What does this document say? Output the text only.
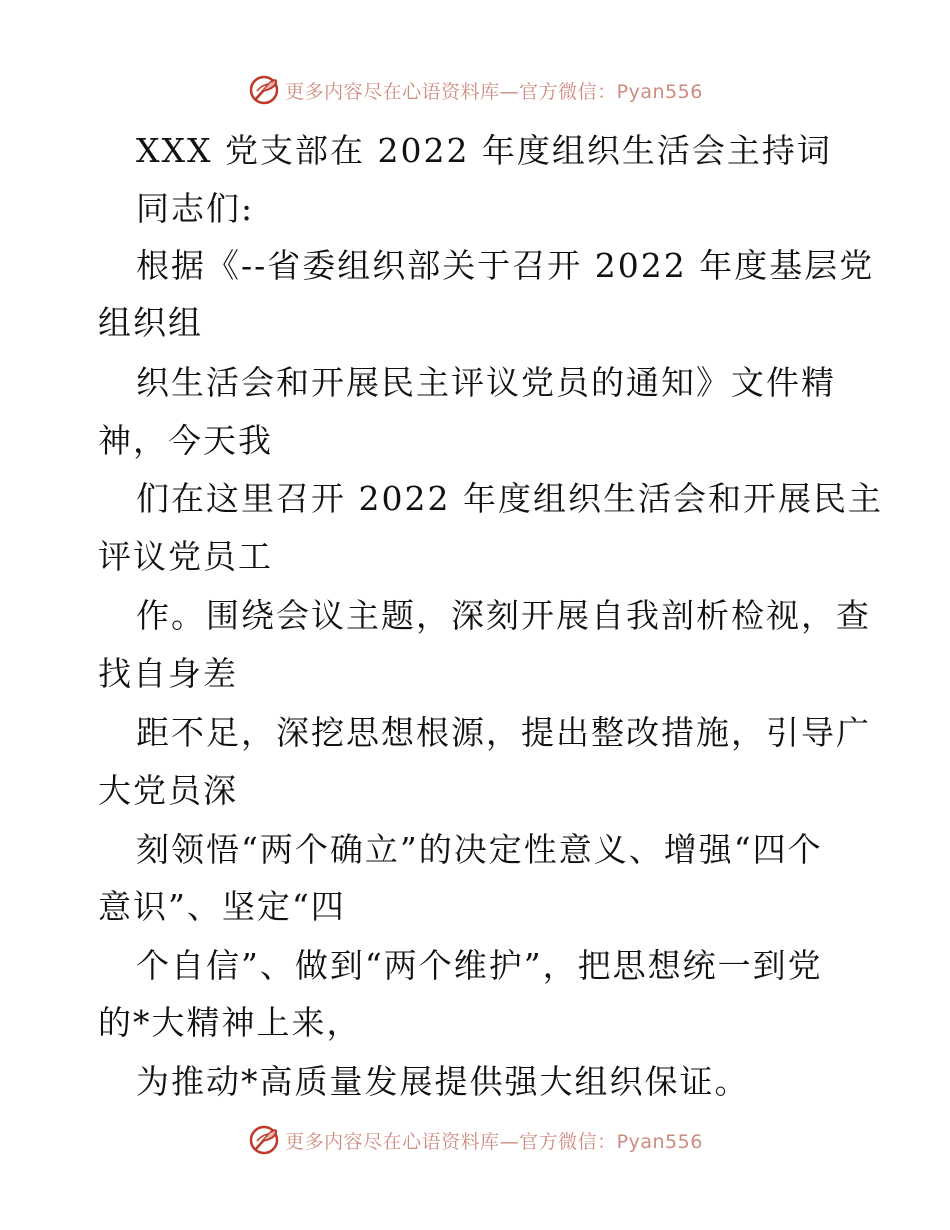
更多内容尽在心语资料库—官方微信：Pyan556
XXX 党支部在 2022 年度组织生活会主持词
同志们:
根据《--省委组织部关于召开 2022 年度基层党
组织组
织生活会和开展民主评议党员的通知》文件精
神，今天我
们在这里召开 2022 年度组织生活会和开展民主
评议党员工
作。围绕会议主题，深刻开展自我剖析检视，查
找自身差
距不足，深挖思想根源，提出整改措施，引导广
大党员深
刻领悟“两个确立”的决定性意义、增强“四个
意识”、坚定“四
个自信”、做到“两个维护”，把思想统一到党
的*大精神上来，
为推动*高质量发展提供强大组织保证。
更多内容尽在心语资料库—官方微信：Pyan556
